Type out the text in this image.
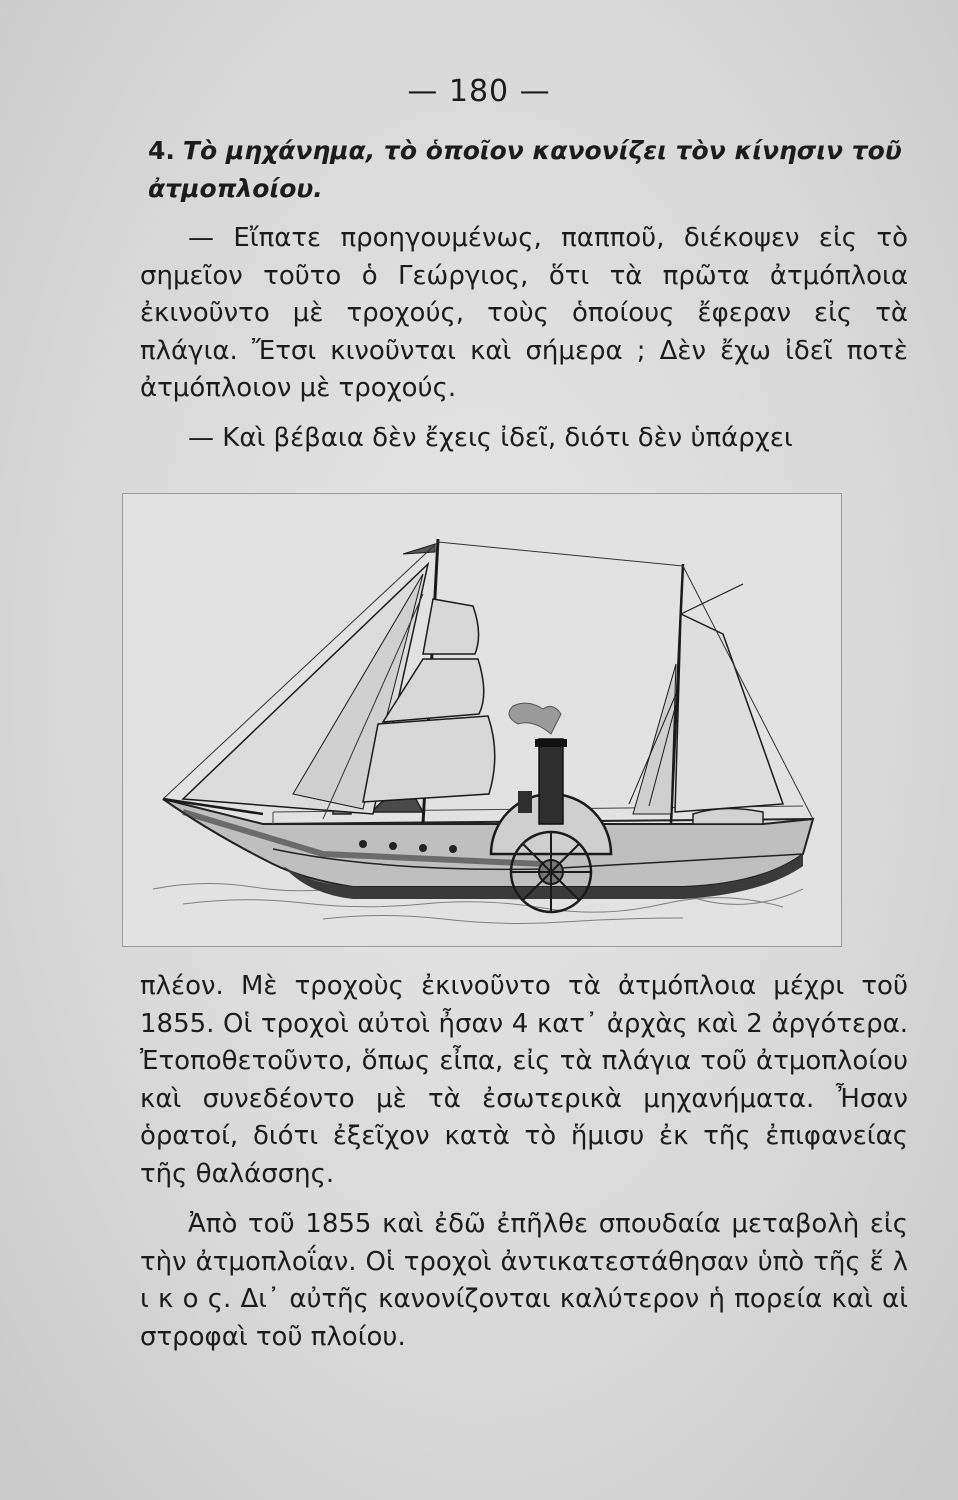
— 180 —
4. Τὸ μηχάνημα, τὸ ὁποῖον κανονίζει τὸν κίνησιν τοῦ ἀτμοπλοίου.

— Εἴπατε προηγουμένως, παπποῦ, διέκοψεν εἰς τὸ σημεῖον τοῦτο ὁ Γεώργιος, ὅτι τὰ πρῶτα ἀτμόπλοια ἐκινοῦντο μὲ τροχούς, τοὺς ὁποίους ἔφεραν εἰς τὰ πλάγια. Ἔτσι κινοῦνται καὶ σήμερα ; Δὲν ἔχω ἰδεῖ ποτὲ ἀτμόπλοιον μὲ τροχούς.

— Καὶ βέβαια δὲν ἔχεις ἰδεῖ, διότι δὲν ὑπάρχει

πλέον. Μὲ τροχοὺς ἐκινοῦντο τὰ ἀτμόπλοια μέχρι τοῦ 1855. Οἱ τροχοὶ αὐτοὶ ἦσαν 4 κατ᾿ ἀρχὰς καὶ 2 ἀργότερα. Ἐτοποθετοῦντο, ὅπως εἶπα, εἰς τὰ πλάγια τοῦ ἀτμοπλοίου καὶ συνεδέοντο μὲ τὰ ἐσωτερικὰ μηχανήματα. Ἦσαν ὁρατοί, διότι ἐξεῖχον κατὰ τὸ ἥμισυ ἐκ τῆς ἐπιφανείας τῆς θαλάσσης.

Ἀπὸ τοῦ 1855 καὶ ἐδῶ ἐπῆλθε σπουδαία μεταβολὴ εἰς τὴν ἀτμοπλοΐαν. Οἱ τροχοὶ ἀντικατεστάθησαν ὑπὸ τῆς ἕ λ ι κ ο ς. Δι᾿ αὐτῆς κανονίζονται καλύτερον ἡ πορεία καὶ αἱ στροφαὶ τοῦ πλοίου.
